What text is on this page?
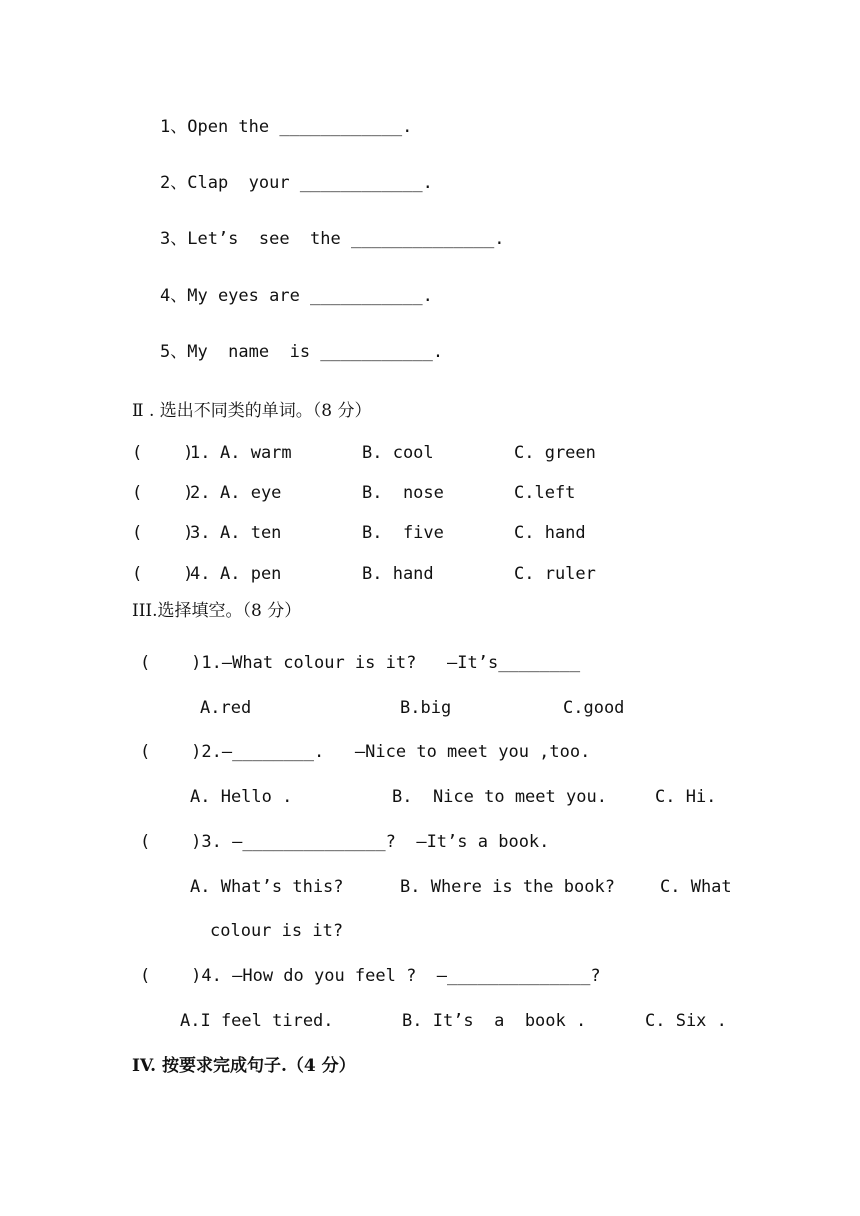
1、Open the ____________.
2、Clap  your ____________.
3、Let’s  see  the ______________.
4、My eyes are ___________.
5、My  name  is ___________.
Ⅱ . 选出不同类的单词。（8 分）
(    )
1. A. warm	B. cool	C. green
(    )
2. A. eye	B.  nose	C.left
(    )
3. A. ten	B.  five	C. hand
(    )
4. A. pen	B. hand	C. ruler
III.选择填空。（8 分）
(    )1.—What colour is it?   —It’s________
A.red	B.big	C.good
(    )2.—________.   —Nice to meet you ,too.
A. Hello .	B.  Nice to meet you.	C. Hi.
(    )3. —______________?  —It’s a book.
A. What’s this?	B. Where is the book?	C. What
colour is it?
(    )4. —How do you feel ?  —______________?
A.I feel tired.	B. It’s  a  book .	C. Six .
IV. 按要求完成句子.（4 分）
